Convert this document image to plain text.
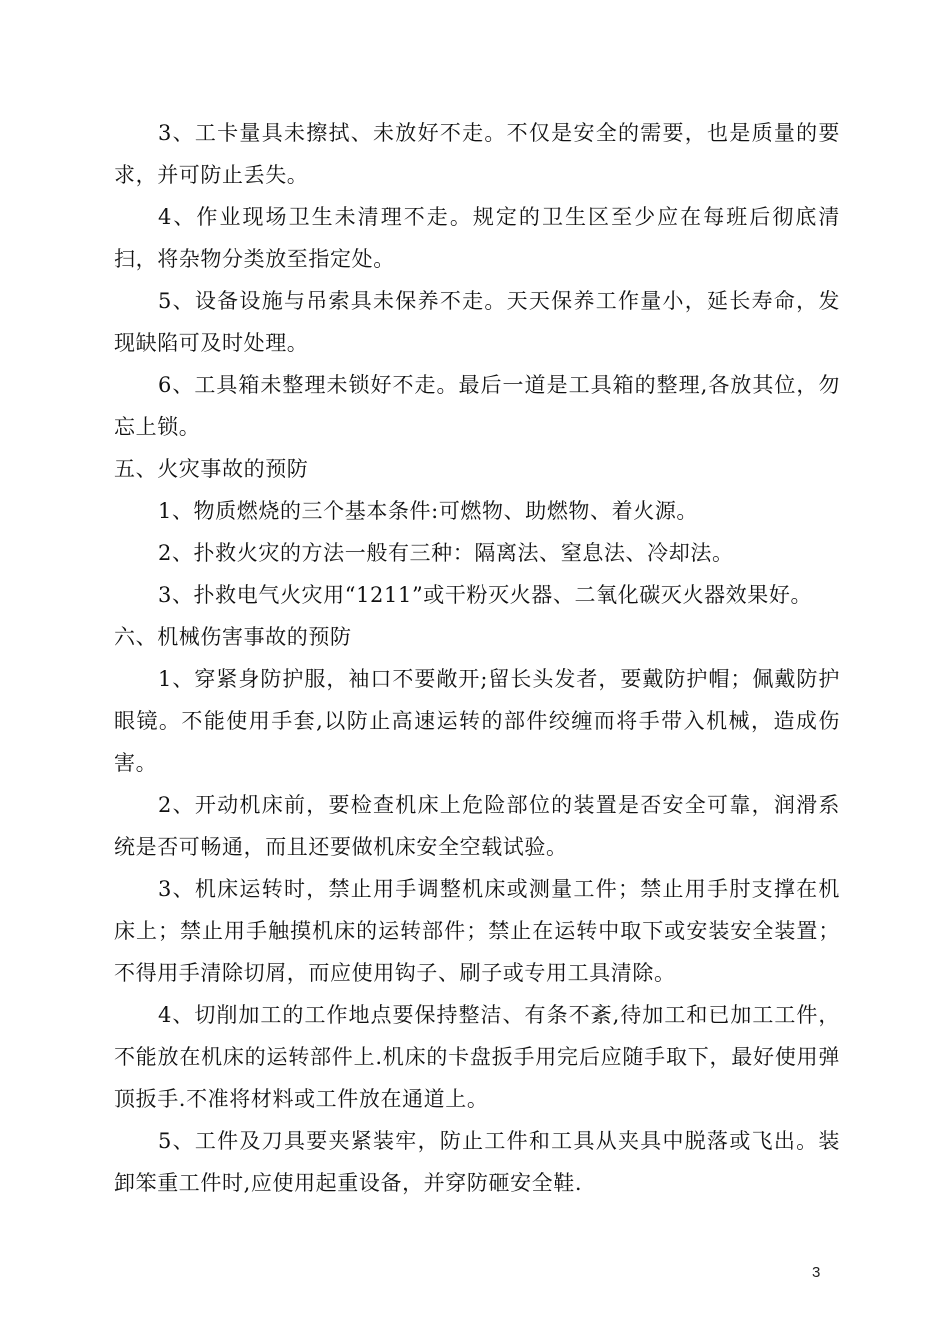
3、工卡量具未擦拭、未放好不走。不仅是安全的需要，也是质量的要求，并可防止丢失。

4、作业现场卫生未清理不走。规定的卫生区至少应在每班后彻底清扫，将杂物分类放至指定处。

5、设备设施与吊索具未保养不走。天天保养工作量小，延长寿命，发现缺陷可及时处理。

6、工具箱未整理未锁好不走。最后一道是工具箱的整理,各放其位，勿忘上锁。

五、火灾事故的预防

1、物质燃烧的三个基本条件:可燃物、助燃物、着火源。

2、扑救火灾的方法一般有三种：隔离法、窒息法、冷却法。

3、扑救电气火灾用“1211”或干粉灭火器、二氧化碳灭火器效果好。

六、机械伤害事故的预防

1、穿紧身防护服，袖口不要敞开;留长头发者，要戴防护帽；佩戴防护眼镜。不能使用手套,以防止高速运转的部件绞缠而将手带入机械，造成伤害。

2、开动机床前，要检查机床上危险部位的装置是否安全可靠，润滑系统是否可畅通，而且还要做机床安全空载试验。

3、机床运转时，禁止用手调整机床或测量工件；禁止用手肘支撑在机床上；禁止用手触摸机床的运转部件；禁止在运转中取下或安装安全装置；不得用手清除切屑，而应使用钩子、刷子或专用工具清除。

4、切削加工的工作地点要保持整洁、有条不紊,待加工和已加工工件，不能放在机床的运转部件上.机床的卡盘扳手用完后应随手取下，最好使用弹顶扳手.不准将材料或工件放在通道上。

5、工件及刀具要夹紧装牢，防止工件和工具从夹具中脱落或飞出。装卸笨重工件时,应使用起重设备，并穿防砸安全鞋.

3
